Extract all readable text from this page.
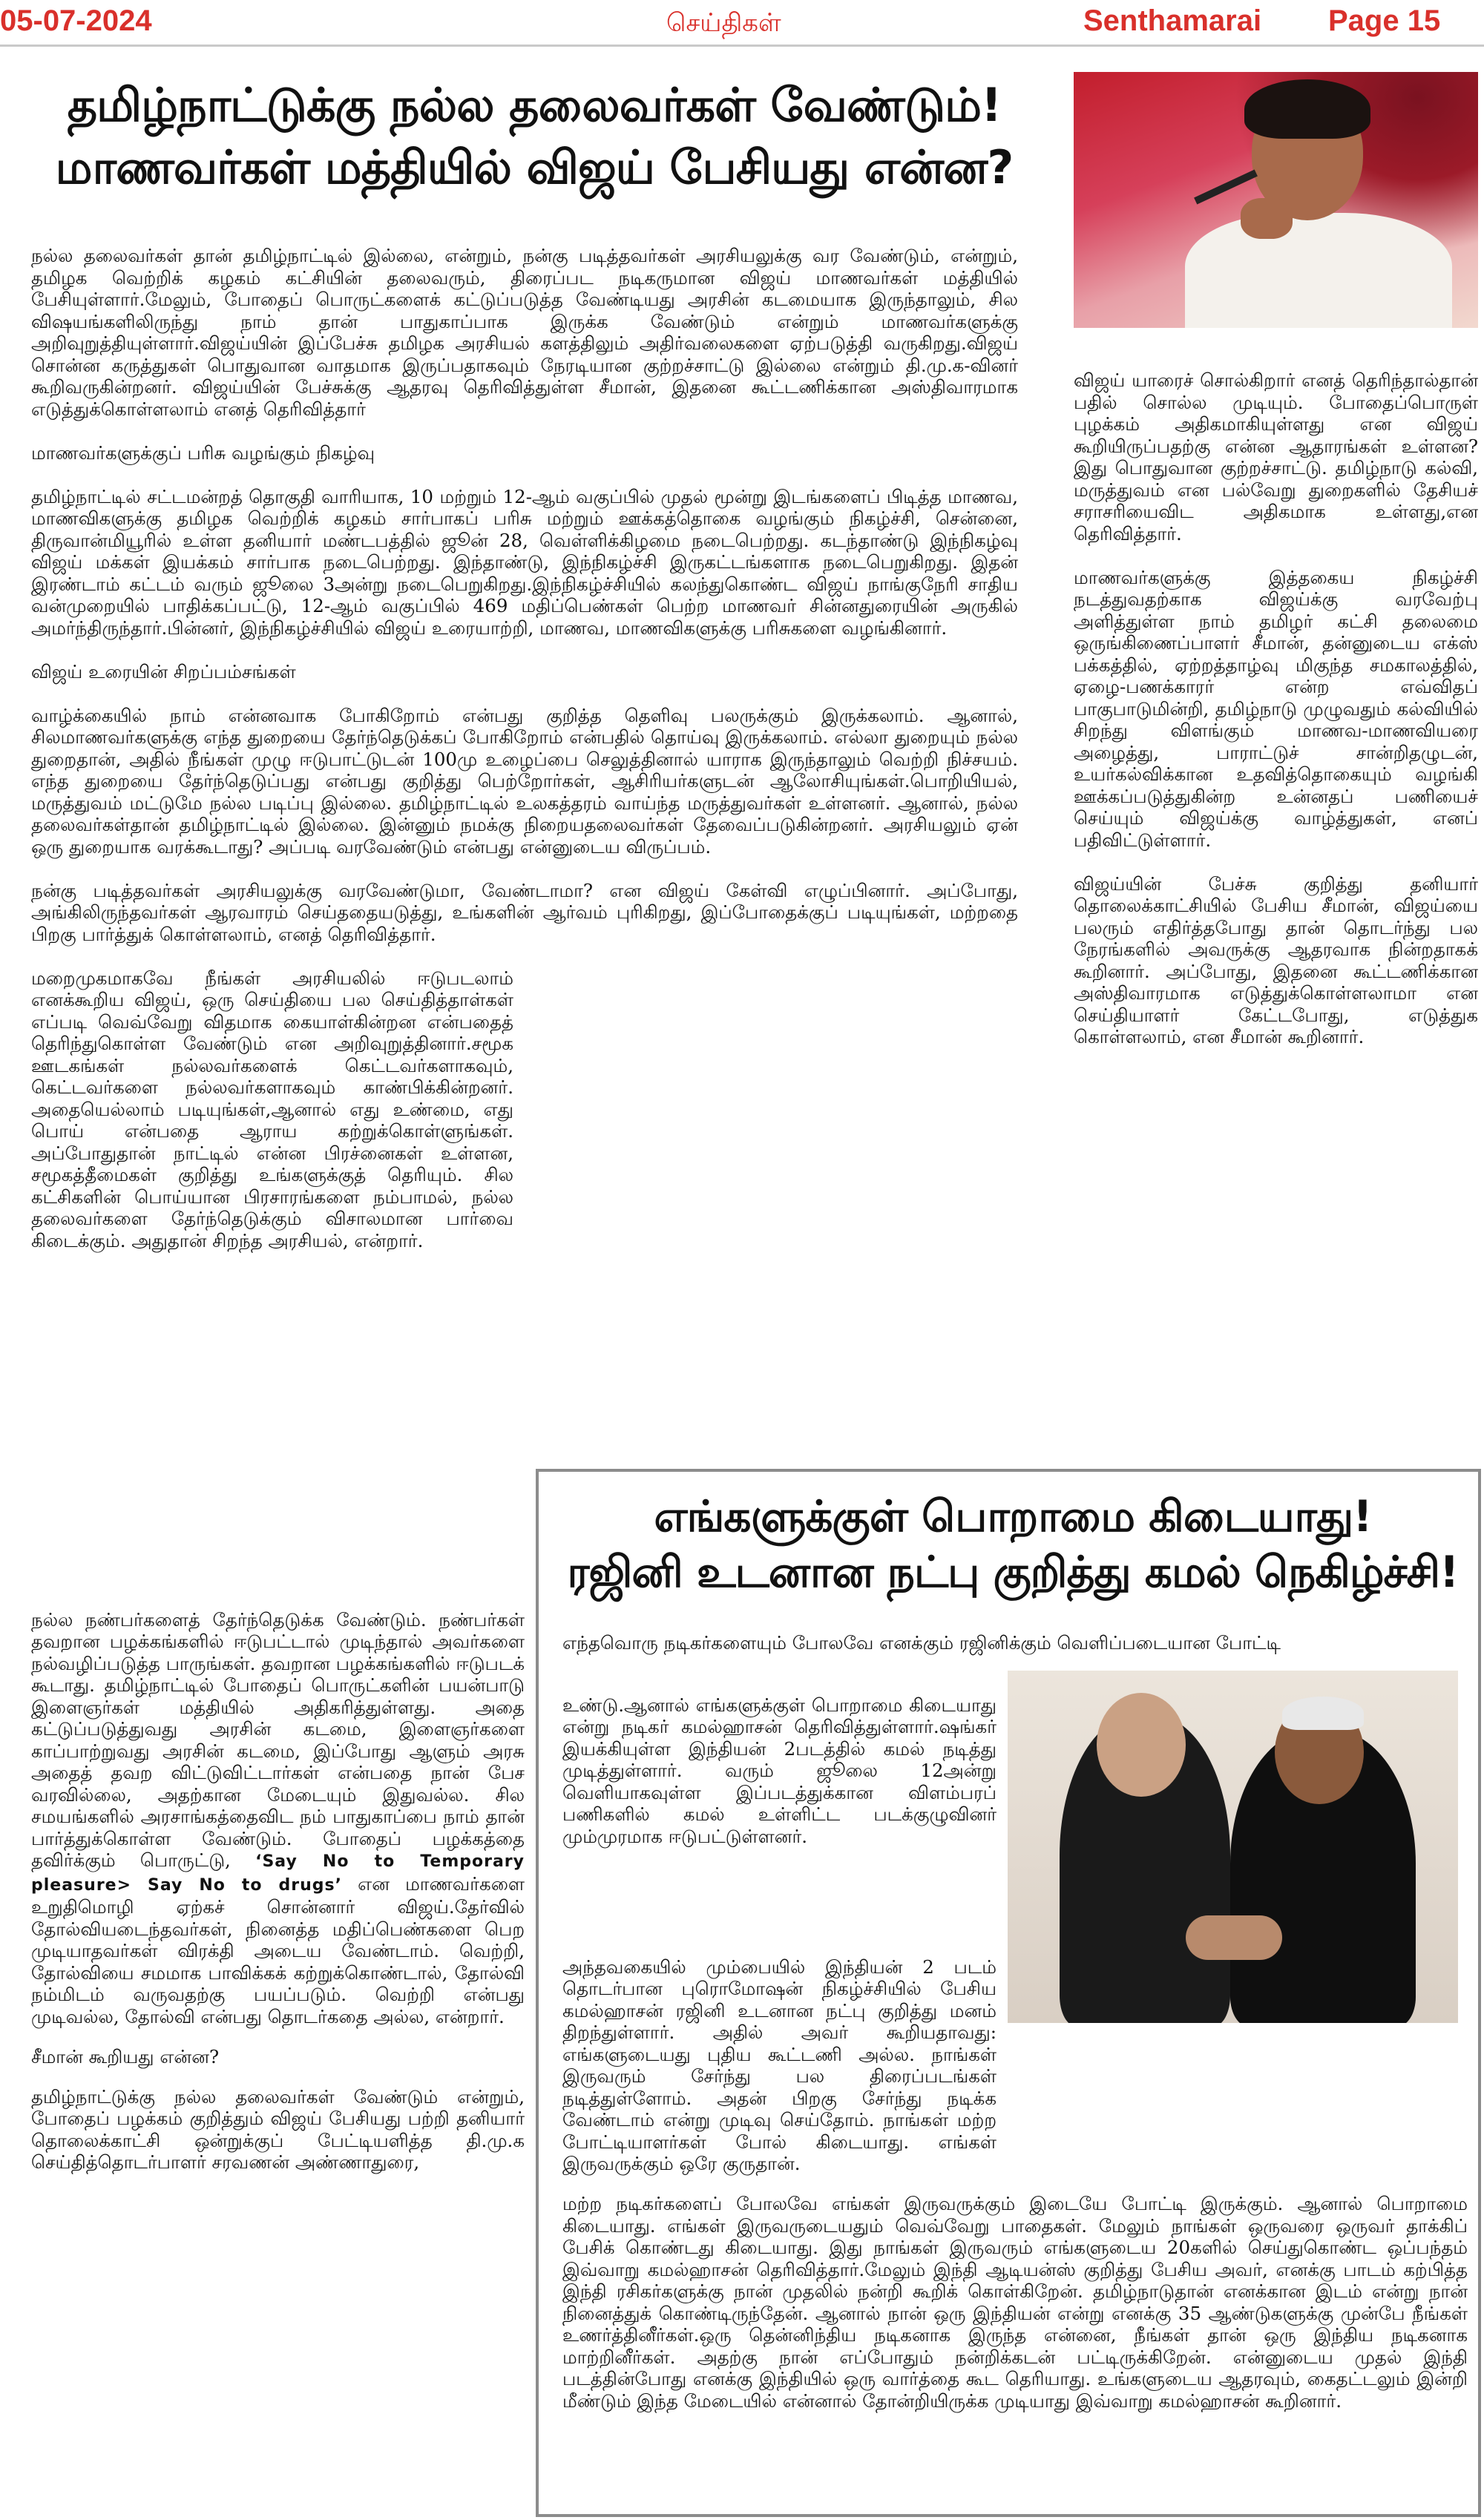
05-07-2024	செய்திகள்	Senthamarai Page 15
தமிழ்நாட்டுக்கு நல்ல தலைவர்கள் வேண்டும்!
மாணவர்கள் மத்தியில் விஜய் பேசியது என்ன?

நல்ல தலைவர்கள் தான் தமிழ்நாட்டில் இல்லை, என்றும், நன்கு படித்தவர்கள் அரசியலுக்கு வர வேண்டும், என்றும், தமிழக வெற்றிக் கழகம் கட்சியின் தலைவரும், திரைப்பட நடிகருமான விஜய் மாணவர்கள் மத்தியில் பேசியுள்ளார்.மேலும், போதைப் பொருட்களைக் கட்டுப்படுத்த வேண்டியது அரசின் கடமையாக இருந்தாலும், சில விஷயங்களிலிருந்து நாம் தான் பாதுகாப்பாக இருக்க வேண்டும் என்றும் மாணவர்களுக்கு அறிவுறுத்தியுள்ளார்.விஜய்யின் இப்பேச்சு தமிழக அரசியல் களத்திலும் அதிர்வலைகளை ஏற்படுத்தி வருகிறது.விஜய் சொன்ன கருத்துகள் பொதுவான வாதமாக இருப்பதாகவும் நேரடியான குற்றச்சாட்டு இல்லை என்றும் தி.மு.க-வினர் கூறிவருகின்றனர். விஜய்யின் பேச்சுக்கு ஆதரவு தெரிவித்துள்ள சீமான், இதனை கூட்டணிக்கான அஸ்திவாரமாக எடுத்துக்கொள்ளலாம் எனத் தெரிவித்தார்

மாணவர்களுக்குப் பரிசு வழங்கும் நிகழ்வு

தமிழ்நாட்டில் சட்டமன்றத் தொகுதி வாரியாக, 10 மற்றும் 12-ஆம் வகுப்பில் முதல் மூன்று இடங்களைப் பிடித்த மாணவ, மாணவிகளுக்கு தமிழக வெற்றிக் கழகம் சார்பாகப் பரிசு மற்றும் ஊக்கத்தொகை வழங்கும் நிகழ்ச்சி, சென்னை, திருவான்மியூரில் உள்ள தனியார் மண்டபத்தில் ஜூன் 28, வெள்ளிக்கிழமை நடைபெற்றது. கடந்தாண்டு இந்நிகழ்வு விஜய் மக்கள் இயக்கம் சார்பாக நடைபெற்றது. இந்தாண்டு, இந்நிகழ்ச்சி இருகட்டங்களாக நடைபெறுகிறது. இதன் இரண்டாம் கட்டம் வரும் ஜூலை 3அன்று நடைபெறுகிறது.இந்நிகழ்ச்சியில் கலந்துகொண்ட விஜய் நாங்குநேரி சாதிய வன்முறையில் பாதிக்கப்பட்டு, 12-ஆம் வகுப்பில் 469 மதிப்பெண்கள் பெற்ற மாணவர் சின்னதுரையின் அருகில் அமர்ந்திருந்தார்.பின்னர், இந்நிகழ்ச்சியில் விஜய் உரையாற்றி, மாணவ, மாணவிகளுக்கு பரிசுகளை வழங்கினார்.

விஜய் உரையின் சிறப்பம்சங்கள்

வாழ்க்கையில் நாம் என்னவாக போகிறோம் என்பது குறித்த தெளிவு பலருக்கும் இருக்கலாம். ஆனால், சிலமாணவர்களுக்கு எந்த துறையை தேர்ந்தெடுக்கப் போகிறோம் என்பதில் தொய்வு இருக்கலாம். எல்லா துறையும் நல்ல துறைதான், அதில் நீங்கள் முழு ஈடுபாட்டுடன் 100மு உழைப்பை செலுத்தினால் யாராக இருந்தாலும் வெற்றி நிச்சயம். எந்த துறையை தேர்ந்தெடுப்பது என்பது குறித்து பெற்றோர்கள், ஆசிரியர்களுடன் ஆலோசியுங்கள்.பொறியியல், மருத்துவம் மட்டுமே நல்ல படிப்பு இல்லை. தமிழ்நாட்டில் உலகத்தரம் வாய்ந்த மருத்துவர்கள் உள்ளனர். ஆனால், நல்ல தலைவர்கள்தான் தமிழ்நாட்டில் இல்லை. இன்னும் நமக்கு நிறையதலைவர்கள் தேவைப்படுகின்றனர். அரசியலும் ஏன் ஒரு துறையாக வரக்கூடாது? அப்படி வரவேண்டும் என்பது என்னுடைய விருப்பம்.

நன்கு படித்தவர்கள் அரசியலுக்கு வரவேண்டுமா, வேண்டாமா? என விஜய் கேள்வி எழுப்பினார். அப்போது, அங்கிலிருந்தவர்கள் ஆரவாரம் செய்ததையடுத்து, உங்களின் ஆர்வம் புரிகிறது, இப்போதைக்குப் படியுங்கள், மற்றதை பிறகு பார்த்துக் கொள்ளலாம், எனத் தெரிவித்தார்.

மறைமுகமாகவே நீங்கள் அரசியலில் ஈடுபடலாம் எனக்கூறிய விஜய், ஒரு செய்தியை பல செய்தித்தாள்கள் எப்படி வெவ்வேறு விதமாக கையாள்கின்றன என்பதைத் தெரிந்துகொள்ள வேண்டும் என அறிவுறுத்தினார்.சமூக ஊடகங்கள் நல்லவர்களைக் கெட்டவர்களாகவும், கெட்டவர்களை நல்லவர்களாகவும் காண்பிக்கின்றனர். அதையெல்லாம் படியுங்கள்,ஆனால் எது உண்மை, எது பொய் என்பதை ஆராய கற்றுக்கொள்ளுங்கள். அப்போதுதான் நாட்டில் என்ன பிரச்னைகள் உள்ளன, சமூகத்தீமைகள் குறித்து உங்களுக்குத் தெரியும். சில கட்சிகளின் பொய்யான பிரசாரங்களை நம்பாமல், நல்ல தலைவர்களை தேர்ந்தெடுக்கும் விசாலமான பார்வை கிடைக்கும். அதுதான் சிறந்த அரசியல், என்றார்.

நல்ல நண்பர்களைத் தேர்ந்தெடுக்க வேண்டும். நண்பர்கள் தவறான பழக்கங்களில் ஈடுபட்டால் முடிந்தால் அவர்களை நல்வழிப்படுத்த பாருங்கள். தவறான பழக்கங்களில் ஈடுபடக் கூடாது. தமிழ்நாட்டில் போதைப் பொருட்களின் பயன்பாடு இளைஞர்கள் மத்தியில் அதிகரித்துள்ளது. அதை கட்டுப்படுத்துவது அரசின் கடமை, இளைஞர்களை காப்பாற்றுவது அரசின் கடமை, இப்போது ஆளும் அரசு அதைத் தவற விட்டுவிட்டார்கள் என்பதை நான் பேச வரவில்லை, அதற்கான மேடையும் இதுவல்ல. சில சமயங்களில் அரசாங்கத்தைவிட நம் பாதுகாப்பை நாம் தான் பார்த்துக்கொள்ள வேண்டும். போதைப் பழக்கத்தை தவிர்க்கும் பொருட்டு, ‘Say No to Temporary pleasure> Say No to drugs’ என மாணவர்களை உறுதிமொழி ஏற்கச் சொன்னார் விஜய்.தேர்வில் தோல்வியடைந்தவர்கள், நினைத்த மதிப்பெண்களை பெற முடியாதவர்கள் விரக்தி அடைய வேண்டாம். வெற்றி, தோல்வியை சமமாக பாவிக்கக் கற்றுக்கொண்டால், தோல்வி நம்மிடம் வருவதற்கு பயப்படும். வெற்றி என்பது முடிவல்ல, தோல்வி என்பது தொடர்கதை அல்ல, என்றார்.

சீமான் கூறியது என்ன?

தமிழ்நாட்டுக்கு நல்ல தலைவர்கள் வேண்டும் என்றும், போதைப் பழக்கம் குறித்தும் விஜய் பேசியது பற்றி தனியார் தொலைக்காட்சி ஒன்றுக்குப் பேட்டியளித்த தி.மு.க செய்தித்தொடர்பாளர் சரவணன் அண்ணாதுரை,

விஜய் யாரைச் சொல்கிறார் எனத் தெரிந்தால்தான் பதில் சொல்ல முடியும். போதைப்பொருள் புழக்கம் அதிகமாகியுள்ளது என விஜய் கூறியிருப்பதற்கு என்ன ஆதாரங்கள் உள்ளன? இது பொதுவான குற்றச்சாட்டு. தமிழ்நாடு கல்வி, மருத்துவம் என பல்வேறு துறைகளில் தேசியச் சராசரியைவிட அதிகமாக உள்ளது,என தெரிவித்தார்.

மாணவர்களுக்கு இத்தகைய நிகழ்ச்சி நடத்துவதற்காக விஜய்க்கு வரவேற்பு அளித்துள்ள நாம் தமிழர் கட்சி தலைமை ஒருங்கிணைப்பாளர் சீமான், தன்னுடைய எக்ஸ் பக்கத்தில், ஏற்றத்தாழ்வு மிகுந்த சமகாலத்தில், ஏழை-பணக்காரர் என்ற எவ்விதப் பாகுபாடுமின்றி, தமிழ்நாடு முழுவதும் கல்வியில் சிறந்து விளங்கும் மாணவ-மாணவியரை அழைத்து, பாராட்டுச் சான்றிதழுடன், உயர்கல்விக்கான உதவித்தொகையும் வழங்கி ஊக்கப்படுத்துகின்ற உன்னதப் பணியைச் செய்யும் விஜய்க்கு வாழ்த்துகள், எனப் பதிவிட்டுள்ளார்.

விஜய்யின் பேச்சு குறித்து தனியார் தொலைக்காட்சியில் பேசிய சீமான், விஜய்யை பலரும் எதிர்த்தபோது தான் தொடர்ந்து பல நேரங்களில் அவருக்கு ஆதரவாக நின்றதாகக் கூறினார். அப்போது, இதனை கூட்டணிக்கான அஸ்திவாரமாக எடுத்துக்கொள்ளலாமா என செய்தியாளர் கேட்டபோது, எடுத்துக கொள்ளலாம், என சீமான் கூறினார்.

எங்களுக்குள் பொறாமை கிடையாது!
ரஜினி உடனான நட்பு குறித்து கமல் நெகிழ்ச்சி!

எந்தவொரு நடிகர்களையும் போலவே எனக்கும் ரஜினிக்கும் வெளிப்படையான போட்டி

உண்டு.ஆனால் எங்களுக்குள் பொறாமை கிடையாது என்று நடிகர் கமல்ஹாசன் தெரிவித்துள்ளார்.ஷங்கர் இயக்கியுள்ள இந்தியன் 2படத்தில் கமல் நடித்து முடித்துள்ளார். வரும் ஜூலை 12அன்று வெளியாகவுள்ள இப்படத்துக்கான விளம்பரப் பணிகளில் கமல் உள்ளிட்ட படக்குழுவினர் மும்முரமாக ஈடுபட்டுள்ளனர்.

அந்தவகையில் மும்பையில் இந்தியன் 2 படம் தொடர்பான புரொமோஷன் நிகழ்ச்சியில் பேசிய கமல்ஹாசன் ரஜினி உடனான நட்பு குறித்து மனம் திறந்துள்ளார். அதில் அவர் கூறியதாவது: எங்களுடையது புதிய கூட்டணி அல்ல. நாங்கள் இருவரும் சேர்ந்து பல திரைப்படங்கள் நடித்துள்ளோம். அதன் பிறகு சேர்ந்து நடிக்க வேண்டாம் என்று முடிவு செய்தோம். நாங்கள் மற்ற போட்டியாளர்கள் போல் கிடையாது. எங்கள் இருவருக்கும் ஒரே குருதான்.

மற்ற நடிகர்களைப் போலவே எங்கள் இருவருக்கும் இடையே போட்டி இருக்கும். ஆனால் பொறாமை கிடையாது. எங்கள் இருவருடையதும் வெவ்வேறு பாதைகள். மேலும் நாங்கள் ஒருவரை ஒருவர் தாக்கிப் பேசிக் கொண்டது கிடையாது. இது நாங்கள் இருவரும் எங்களுடைய 20களில் செய்துகொண்ட ஒப்பந்தம் இவ்வாறு கமல்ஹாசன் தெரிவித்தார்.மேலும் இந்தி ஆடியன்ஸ் குறித்து பேசிய அவர், எனக்கு பாடம் கற்பித்த இந்தி ரசிகர்களுக்கு நான் முதலில் நன்றி கூறிக் கொள்கிறேன். தமிழ்நாடுதான் எனக்கான இடம் என்று நான் நினைத்துக் கொண்டிருந்தேன். ஆனால் நான் ஒரு இந்தியன் என்று எனக்கு 35 ஆண்டுகளுக்கு முன்பே நீங்கள் உணர்த்தினீர்கள்.ஒரு தென்னிந்திய நடிகனாக இருந்த என்னை, நீங்கள் தான் ஒரு இந்திய நடிகனாக மாற்றினீர்கள். அதற்கு நான் எப்போதும் நன்றிக்கடன் பட்டிருக்கிறேன். என்னுடைய முதல் இந்தி படத்தின்போது எனக்கு இந்தியில் ஒரு வார்த்தை கூட தெரியாது. உங்களுடைய ஆதரவும், கைதட்டலும் இன்றி மீண்டும் இந்த மேடையில் என்னால் தோன்றியிருக்க முடியாது இவ்வாறு கமல்ஹாசன் கூறினார்.
